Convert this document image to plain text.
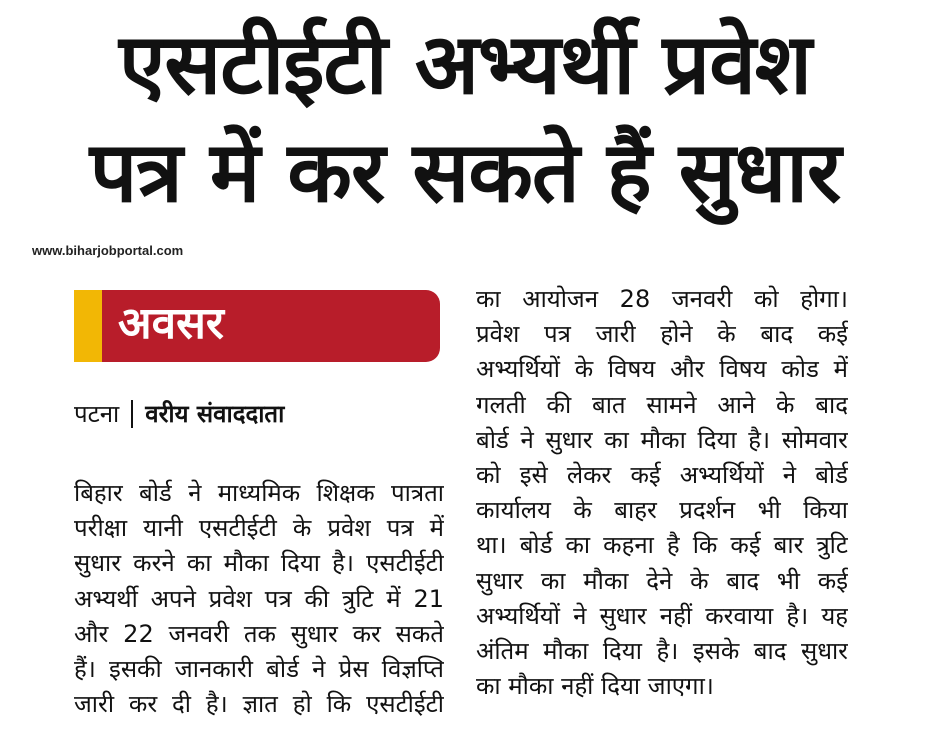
एसटीईटी अभ्यर्थी प्रवेश
पत्र में कर सकते हैं सुधार
www.biharjobportal.com
अवसर
पटना वरीय संवाददाता
बिहार बोर्ड ने माध्यमिक शिक्षक पात्रता
परीक्षा यानी एसटीईटी के प्रवेश पत्र में
सुधार करने का मौका दिया है। एसटीईटी
अभ्यर्थी अपने प्रवेश पत्र की त्रुटि में 21
और 22 जनवरी तक सुधार कर सकते
हैं। इसकी जानकारी बोर्ड ने प्रेस विज्ञप्ति
जारी कर दी है। ज्ञात हो कि एसटीईटी
का आयोजन 28 जनवरी को होगा।
प्रवेश पत्र जारी होने के बाद कई
अभ्यर्थियों के विषय और विषय कोड में
गलती की बात सामने आने के बाद
बोर्ड ने सुधार का मौका दिया है। सोमवार
को इसे लेकर कई अभ्यर्थियों ने बोर्ड
कार्यालय के बाहर प्रदर्शन भी किया
था। बोर्ड का कहना है कि कई बार त्रुटि
सुधार का मौका देने के बाद भी कई
अभ्यर्थियों ने सुधार नहीं करवाया है। यह
अंतिम मौका दिया है। इसके बाद सुधार
का मौका नहीं दिया जाएगा।
